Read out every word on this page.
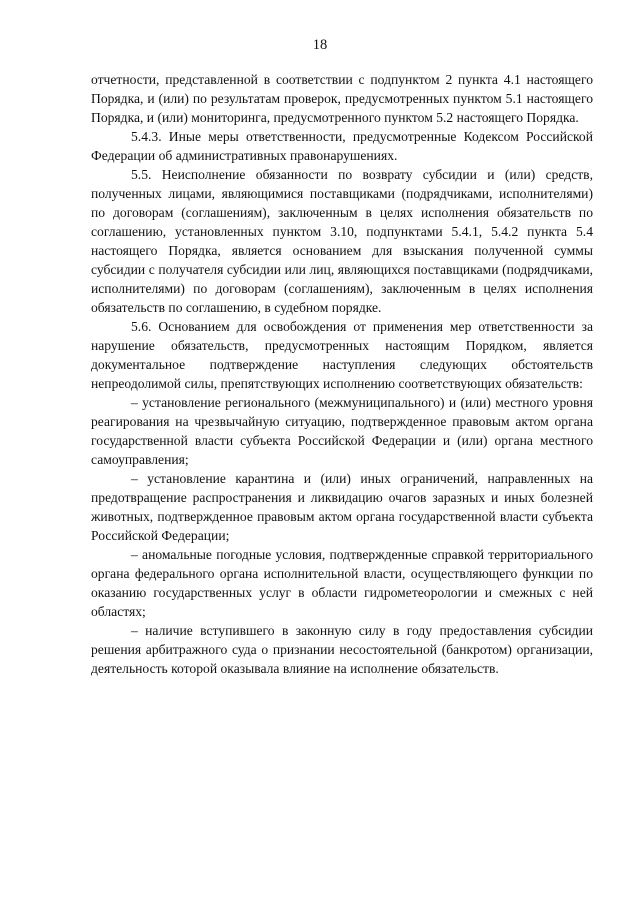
18

отчетности, представленной в соответствии с подпунктом 2 пункта 4.1 настоящего Порядка, и (или) по результатам проверок, предусмотренных пунктом 5.1 настоящего Порядка, и (или) мониторинга, предусмотренного пунктом 5.2 настоящего Порядка.

5.4.3. Иные меры ответственности, предусмотренные Кодексом Российской Федерации об административных правонарушениях.

5.5. Неисполнение обязанности по возврату субсидии и (или) средств, полученных лицами, являющимися поставщиками (подрядчиками, исполнителями) по договорам (соглашениям), заключенным в целях исполнения обязательств по соглашению, установленных пунктом 3.10, подпунктами 5.4.1, 5.4.2 пункта 5.4 настоящего Порядка, является основанием для взыскания полученной суммы субсидии с получателя субсидии или лиц, являющихся поставщиками (подрядчиками, исполнителями) по договорам (соглашениям), заключенным в целях исполнения обязательств по соглашению, в судебном порядке.

5.6. Основанием для освобождения от применения мер ответственности за нарушение обязательств, предусмотренных настоящим Порядком, является документальное подтверждение наступления следующих обстоятельств непреодолимой силы, препятствующих исполнению соответствующих обязательств:

– установление регионального (межмуниципального) и (или) местного уровня реагирования на чрезвычайную ситуацию, подтвержденное правовым актом органа государственной власти субъекта Российской Федерации и (или) органа местного самоуправления;

– установление карантина и (или) иных ограничений, направленных на предотвращение распространения и ликвидацию очагов заразных и иных болезней животных, подтвержденное правовым актом органа государственной власти субъекта Российской Федерации;

– аномальные погодные условия, подтвержденные справкой территориального органа федерального органа исполнительной власти, осуществляющего функции по оказанию государственных услуг в области гидрометеорологии и смежных с ней областях;

– наличие вступившего в законную силу в году предоставления субсидии решения арбитражного суда о признании несостоятельной (банкротом) организации, деятельность которой оказывала влияние на исполнение обязательств.
